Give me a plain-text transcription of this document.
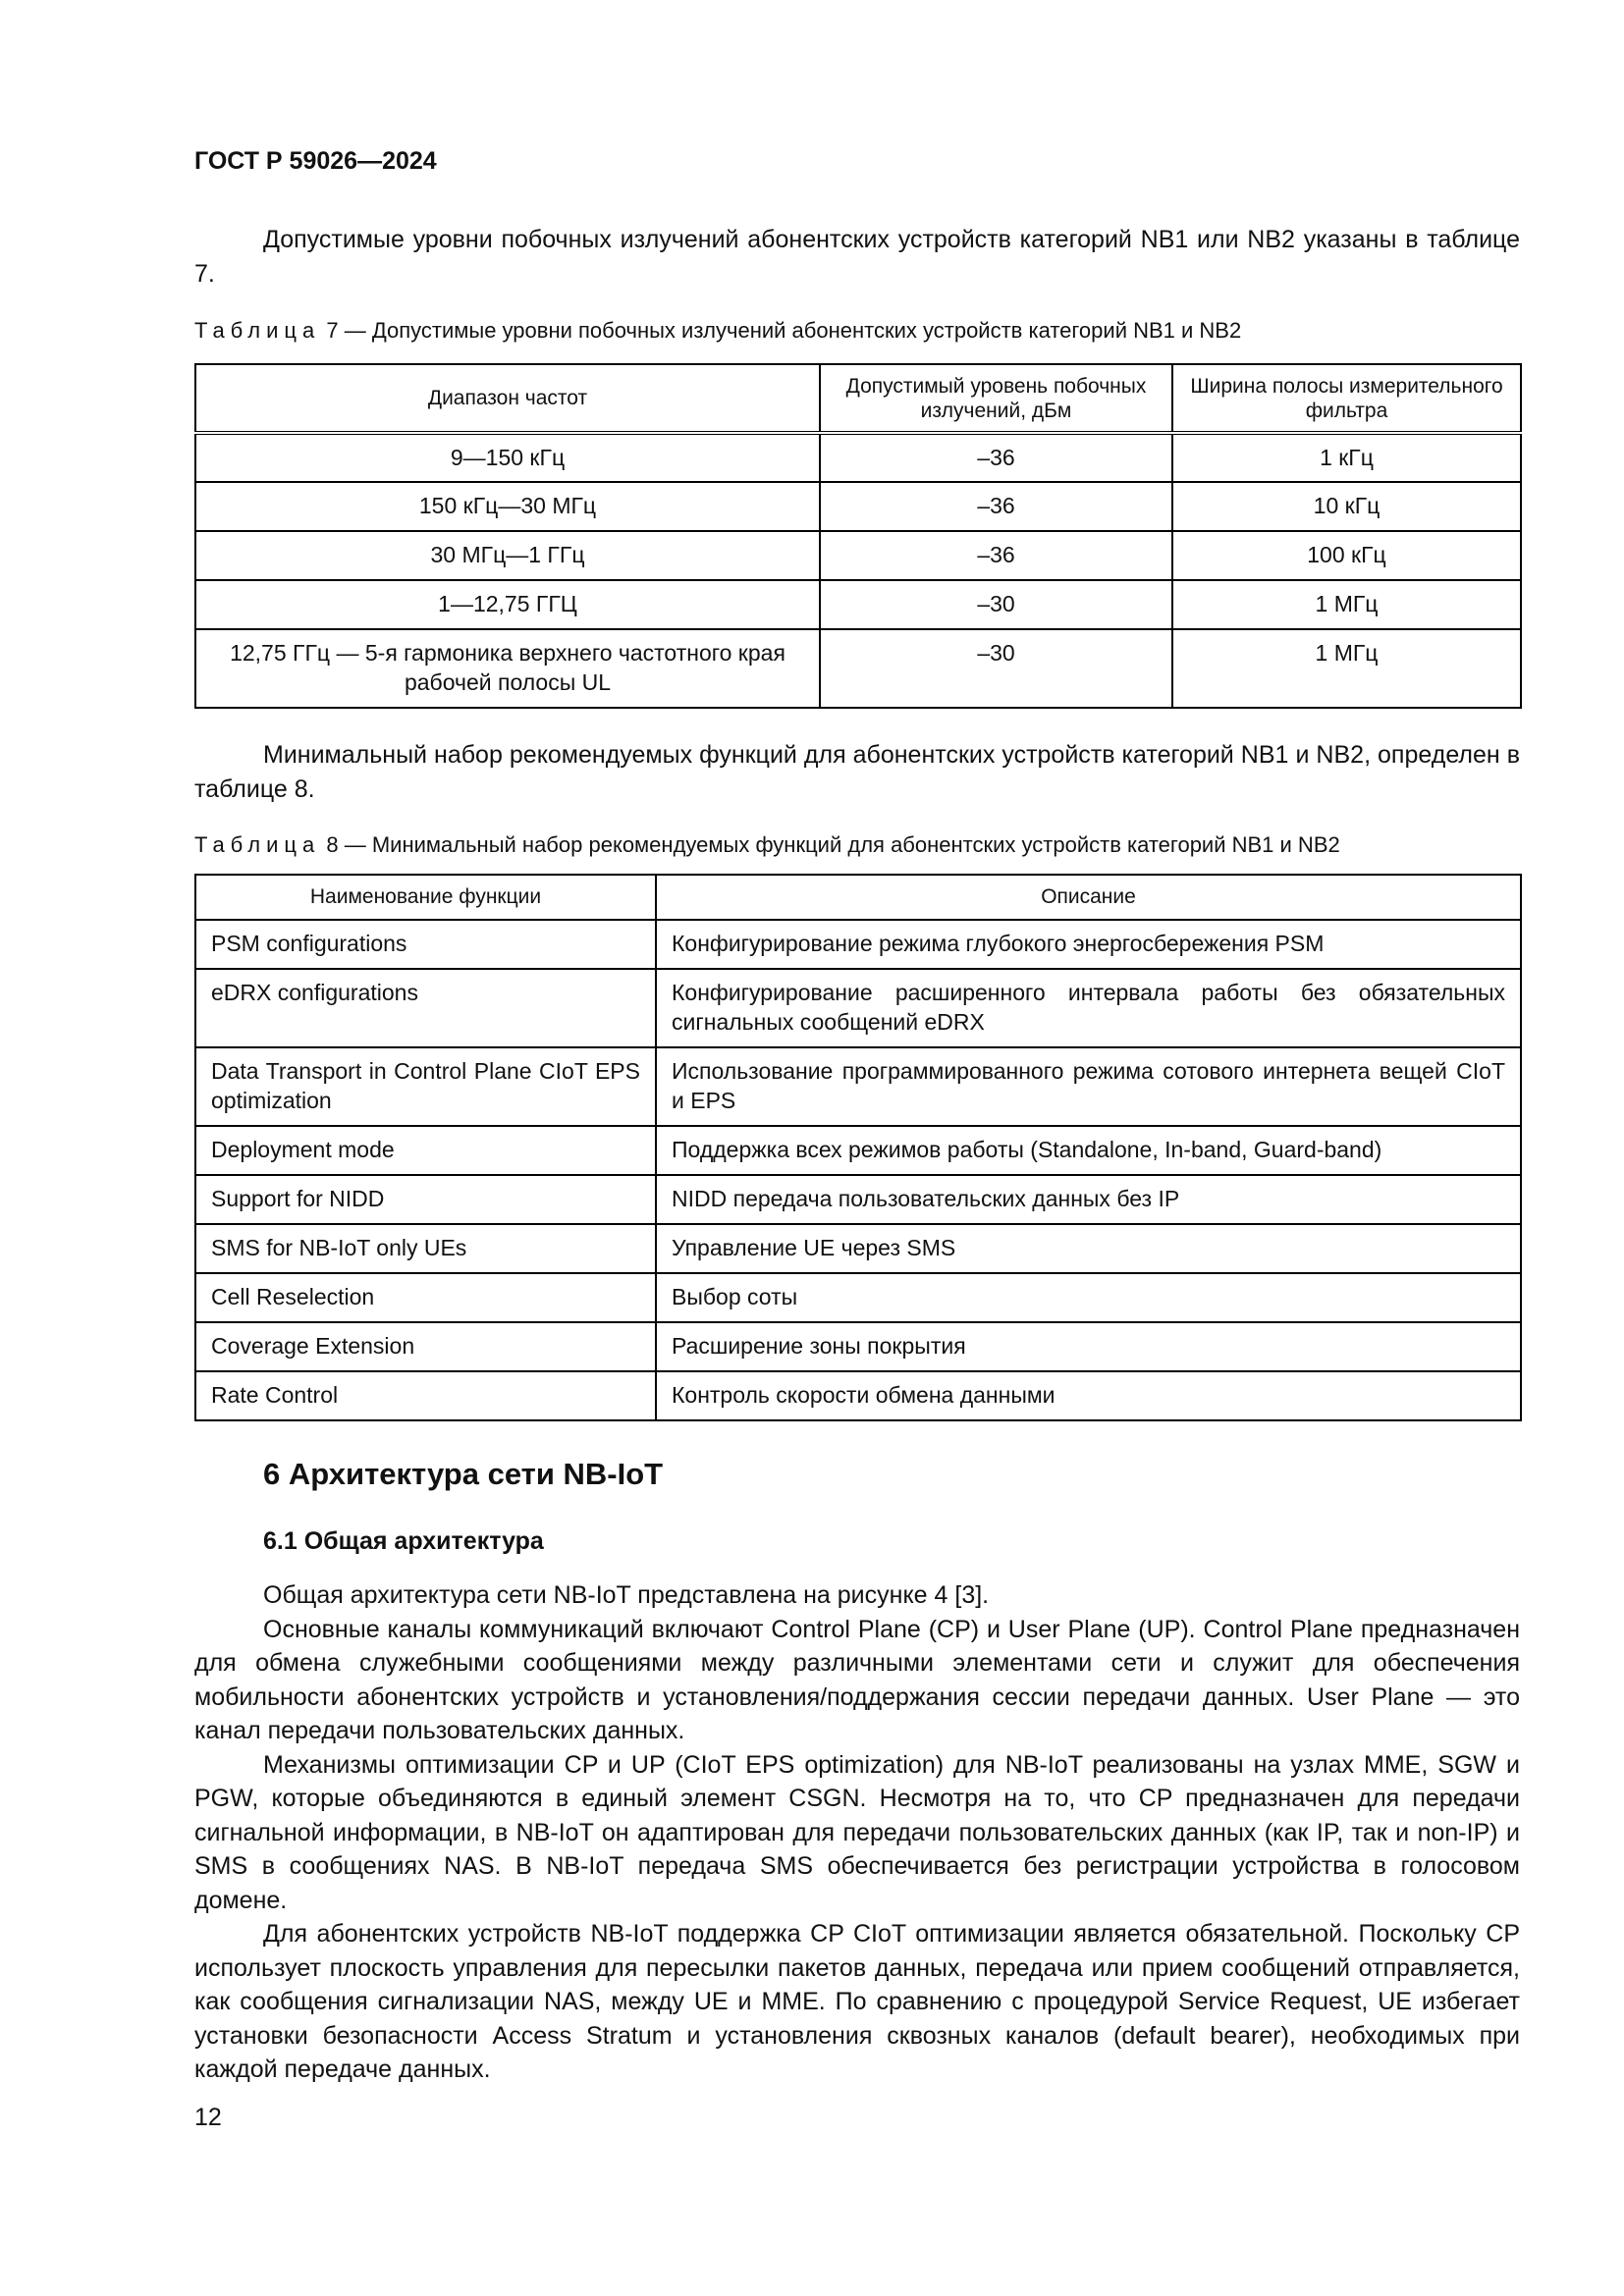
ГОСТ Р 59026—2024

Допустимые уровни побочных излучений абонентских устройств категорий NB1 или NB2 указаны в таблице 7.

Таблица 7 — Допустимые уровни побочных излучений абонентских устройств категорий NB1 и NB2
Диапазон частот	Допустимый уровень побочных излучений, дБм	Ширина полосы измерительного фильтра
9—150 кГц	–36	1 кГц
150 кГц—30 МГц	–36	10 кГц
30 МГц—1 ГГц	–36	100 кГц
1—12,75 ГГЦ	–30	1 МГц
12,75 ГГц — 5-я гармоника верхнего частотного края рабочей полосы UL	–30	1 МГц

Минимальный набор рекомендуемых функций для абонентских устройств категорий NB1 и NB2, определен в таблице 8.

Таблица 8 — Минимальный набор рекомендуемых функций для абонентских устройств категорий NB1 и NB2
Наименование функции	Описание
PSM configurations	Конфигурирование режима глубокого энергосбережения PSM
eDRX configurations	Конфигурирование расширенного интервала работы без обязательных сигнальных сообщений eDRX
Data Transport in Control Plane CIoT EPS optimization	Использование программированного режима сотового интернета вещей CIoT и EPS
Deployment mode	Поддержка всех режимов работы (Standalone, In-band, Guard-band)
Support for NIDD	NIDD передача пользовательских данных без IP
SMS for NB-IoT only UEs	Управление UE через SMS
Cell Reselection	Выбор соты
Coverage Extension	Расширение зоны покрытия
Rate Control	Контроль скорости обмена данными
6 Архитектура сети NB-IoT
6.1 Общая архитектура

Общая архитектура сети NB-IoT представлена на рисунке 4 [3].

Основные каналы коммуникаций включают Control Plane (CP) и User Plane (UP). Control Plane предназначен для обмена служебными сообщениями между различными элементами сети и служит для обеспечения мобильности абонентских устройств и установления/поддержания сессии передачи данных. User Plane — это канал передачи пользовательских данных.

Механизмы оптимизации CP и UP (CIoT EPS optimization) для NB-IoT реализованы на узлах MME, SGW и PGW, которые объединяются в единый элемент CSGN. Несмотря на то, что CP предназначен для передачи сигнальной информации, в NB-IoT он адаптирован для передачи пользовательских данных (как IP, так и non-IP) и SMS в сообщениях NAS. В NB-IoT передача SMS обеспечивается без регистрации устройства в голосовом домене.

Для абонентских устройств NB-IoT поддержка CP CIoT оптимизации является обязательной. Поскольку CP использует плоскость управления для пересылки пакетов данных, передача или прием сообщений отправляется, как сообщения сигнализации NAS, между UE и MME. По сравнению с процедурой Service Request, UE избегает установки безопасности Access Stratum и установления сквозных каналов (default bearer), необходимых при каждой передаче данных.

12
